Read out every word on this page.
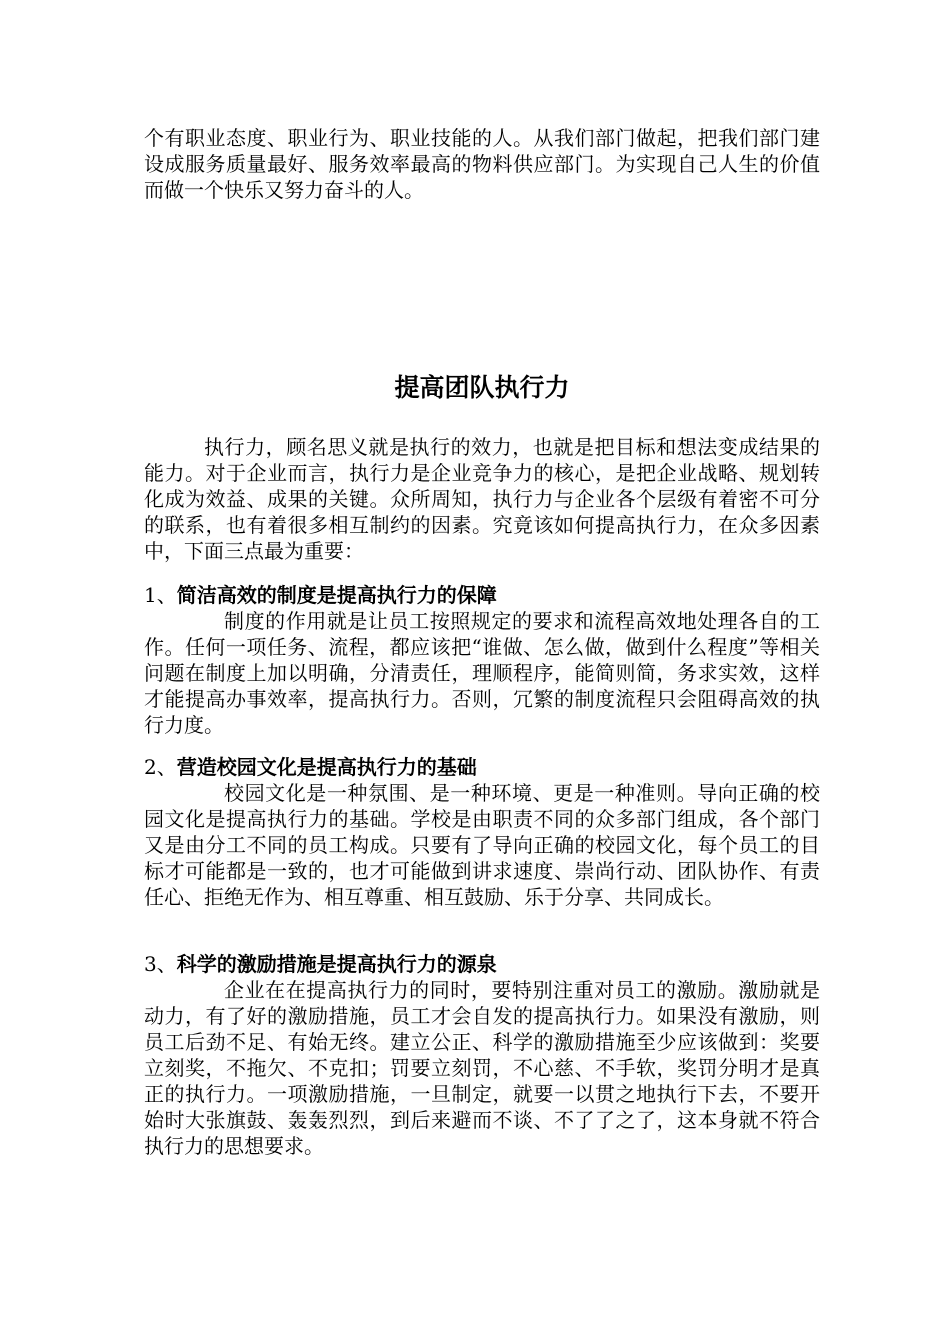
个有职业态度、职业行为、职业技能的人。从我们部门做起，把我们部门建设成服务质量最好、服务效率最高的物料供应部门。为实现自己人生的价值而做一个快乐又努力奋斗的人。

提高团队执行力

执行力，顾名思义就是执行的效力，也就是把目标和想法变成结果的能力。对于企业而言，执行力是企业竞争力的核心，是把企业战略、规划转化成为效益、成果的关键。众所周知，执行力与企业各个层级有着密不可分的联系，也有着很多相互制约的因素。究竟该如何提高执行力，在众多因素中，下面三点最为重要：

1、简洁高效的制度是提高执行力的保障

制度的作用就是让员工按照规定的要求和流程高效地处理各自的工作。任何一项任务、流程，都应该把“谁做、怎么做，做到什么程度”等相关问题在制度上加以明确，分清责任，理顺程序，能简则简，务求实效，这样才能提高办事效率，提高执行力。否则，冗繁的制度流程只会阻碍高效的执行力度。

2、营造校园文化是提高执行力的基础

校园文化是一种氛围、是一种环境、更是一种准则。导向正确的校园文化是提高执行力的基础。学校是由职责不同的众多部门组成，各个部门又是由分工不同的员工构成。只要有了导向正确的校园文化，每个员工的目标才可能都是一致的，也才可能做到讲求速度、崇尚行动、团队协作、有责任心、拒绝无作为、相互尊重、相互鼓励、乐于分享、共同成长。

3、科学的激励措施是提高执行力的源泉

企业在在提高执行力的同时，要特别注重对员工的激励。激励就是动力，有了好的激励措施，员工才会自发的提高执行力。如果没有激励，则员工后劲不足、有始无终。建立公正、科学的激励措施至少应该做到：奖要立刻奖，不拖欠、不克扣；罚要立刻罚，不心慈、不手软，奖罚分明才是真正的执行力。一项激励措施，一旦制定，就要一以贯之地执行下去，不要开始时大张旗鼓、轰轰烈烈，到后来避而不谈、不了了之了，这本身就不符合执行力的思想要求。
